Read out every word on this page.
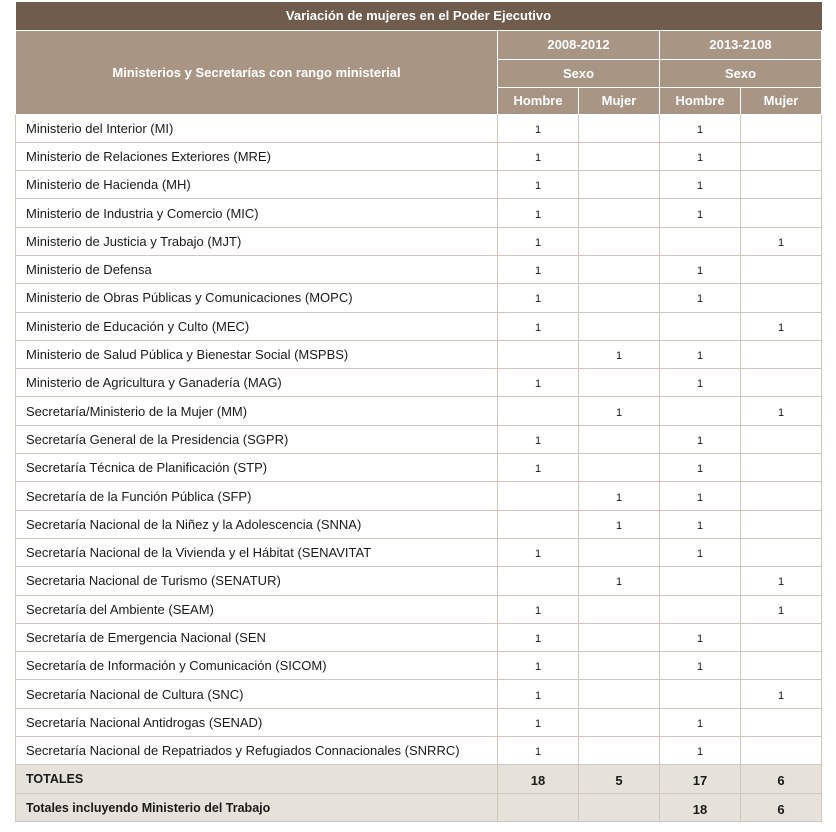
Variación de mujeres en el Poder Ejecutivo				
Ministerios y Secretarías con rango ministerial	2008-2012		2013-2108	
	Sexo		Sexo	
	Hombre	Mujer	Hombre	Mujer
Ministerio del Interior (MI)	1		1	
Ministerio de Relaciones Exteriores (MRE)	1		1	
Ministerio de Hacienda (MH)	1		1	
Ministerio de Industria y Comercio (MIC)	1		1	
Ministerio de Justicia y Trabajo (MJT)	1			1
Ministerio de Defensa	1		1	
Ministerio de Obras Públicas y Comunicaciones (MOPC)	1		1	
Ministerio de Educación y Culto (MEC)	1			1
Ministerio de Salud Pública y Bienestar Social (MSPBS)		1	1	
Ministerio de Agricultura y Ganadería (MAG)	1		1	
Secretaría/Ministerio de la Mujer (MM)		1		1
Secretaría General de la Presidencia (SGPR)	1		1	
Secretaría Técnica de Planificación (STP)	1		1	
Secretaría de la Función Pública (SFP)		1	1	
Secretaría Nacional de la Niñez y la Adolescencia (SNNA)		1	1	
Secretaría Nacional de la Vivienda y el Hábitat (SENAVITAT	1		1	
Secretaria Nacional de Turismo (SENATUR)		1		1
Secretaría del Ambiente (SEAM)	1			1
Secretaría de Emergencia Nacional (SEN	1		1	
Secretaría de Información y Comunicación (SICOM)	1		1	
Secretaría Nacional de Cultura (SNC)	1			1
Secretaría Nacional Antidrogas (SENAD)	1		1	
Secretaría Nacional de Repatriados y Refugiados Connacionales (SNRRC)	1		1	
TOTALES	18	5	17	6
Totales incluyendo Ministerio del Trabajo			18	6
